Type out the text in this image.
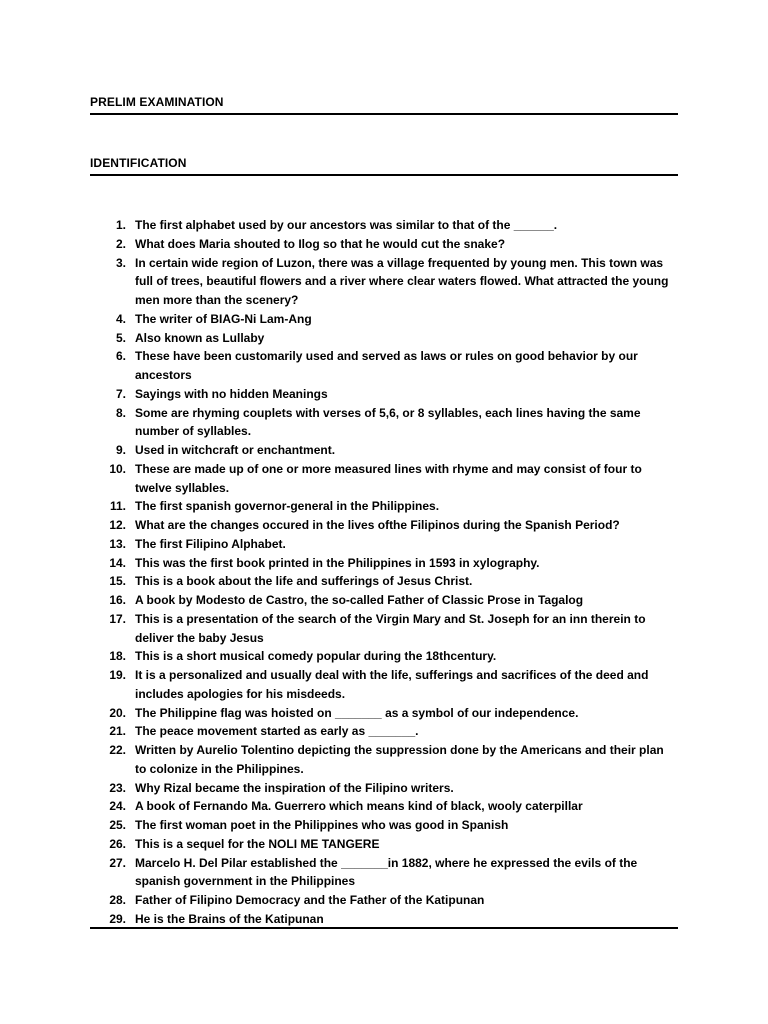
PRELIM EXAMINATION
IDENTIFICATION
1. The first alphabet used by our ancestors was similar to that of the ______.
2. What does Maria shouted to Ilog so that he would cut the snake?
3. In certain wide region of Luzon, there was a village frequented by young men. This town was full of trees, beautiful flowers and a river where clear waters flowed. What attracted the young men more than the scenery?
4. The writer of BIAG-Ni Lam-Ang
5. Also known as Lullaby
6. These have been customarily used and served as laws or rules on good behavior by our ancestors
7. Sayings with no hidden Meanings
8. Some are rhyming couplets with verses of 5,6, or 8 syllables, each lines having the same number of syllables.
9. Used in witchcraft or enchantment.
10. These are made up of one or more measured lines with rhyme and may consist of four to twelve syllables.
11. The first spanish governor-general in the Philippines.
12. What are the changes occured in the lives ofthe Filipinos during the Spanish Period?
13. The first Filipino Alphabet.
14. This was the first book printed in the Philippines in 1593 in xylography.
15. This is a book about the life and sufferings of Jesus Christ.
16. A book by Modesto de Castro, the so-called Father of Classic Prose in Tagalog
17. This is a presentation of the search of the Virgin Mary and St. Joseph for an inn therein to deliver the baby Jesus
18. This is a short musical comedy popular during the 18thcentury.
19. It is a personalized and usually deal with the life, sufferings and sacrifices of the deed and includes apologies for his misdeeds.
20. The Philippine flag was hoisted on _______ as a symbol of our independence.
21. The peace movement started as early as _______.
22. Written by Aurelio Tolentino depicting the suppression done by the Americans and their plan to colonize in the Philippines.
23. Why Rizal became the inspiration of the Filipino writers.
24. A book of Fernando Ma. Guerrero which means kind of black, wooly caterpillar
25. The first woman poet in the Philippines who was good in Spanish
26. This is a sequel for the NOLI ME TANGERE
27. Marcelo H. Del Pilar established the _______in 1882, where he expressed the evils of the spanish government in the Philippines
28. Father of Filipino Democracy and the Father of the Katipunan
29. He is the Brains of the Katipunan
